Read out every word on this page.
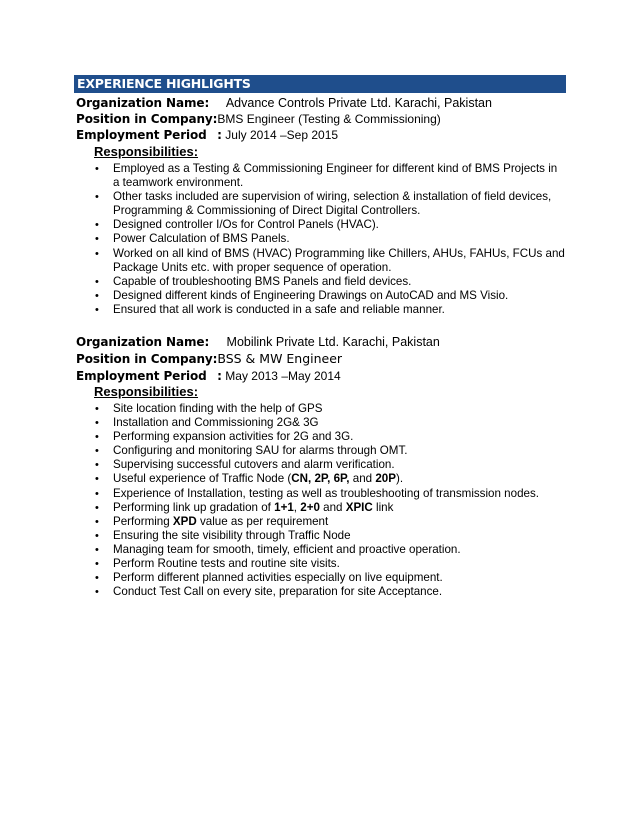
EXPERIENCE HIGHLIGHTS
Organization Name: Advance Controls Private Ltd. Karachi, Pakistan
Position in Company:BMS Engineer (Testing & Commissioning)
Employment Period : July 2014 –Sep 2015
Responsibilities:
• Employed as a Testing & Commissioning Engineer for different kind of BMS Projects in
a teamwork environment.
• Other tasks included are supervision of wiring, selection & installation of field devices,
Programming & Commissioning of Direct Digital Controllers.
• Designed controller I/Os for Control Panels (HVAC).
• Power Calculation of BMS Panels.
• Worked on all kind of BMS (HVAC) Programming like Chillers, AHUs, FAHUs, FCUs and
Package Units etc. with proper sequence of operation.
• Capable of troubleshooting BMS Panels and field devices.
• Designed different kinds of Engineering Drawings on AutoCAD and MS Visio.
• Ensured that all work is conducted in a safe and reliable manner.
Organization Name: Mobilink Private Ltd. Karachi, Pakistan
Position in Company:BSS & MW Engineer
Employment Period : May 2013 –May 2014
Responsibilities:
• Site location finding with the help of GPS
• Installation and Commissioning 2G& 3G
• Performing expansion activities for 2G and 3G.
• Configuring and monitoring SAU for alarms through OMT.
• Supervising successful cutovers and alarm verification.
• Useful experience of Traffic Node (CN, 2P, 6P, and 20P).
• Experience of Installation, testing as well as troubleshooting of transmission nodes.
• Performing link up gradation of 1+1, 2+0 and XPIC link
• Performing XPD value as per requirement
• Ensuring the site visibility through Traffic Node
• Managing team for smooth, timely, efficient and proactive operation.
• Perform Routine tests and routine site visits.
• Perform different planned activities especially on live equipment.
• Conduct Test Call on every site, preparation for site Acceptance.
